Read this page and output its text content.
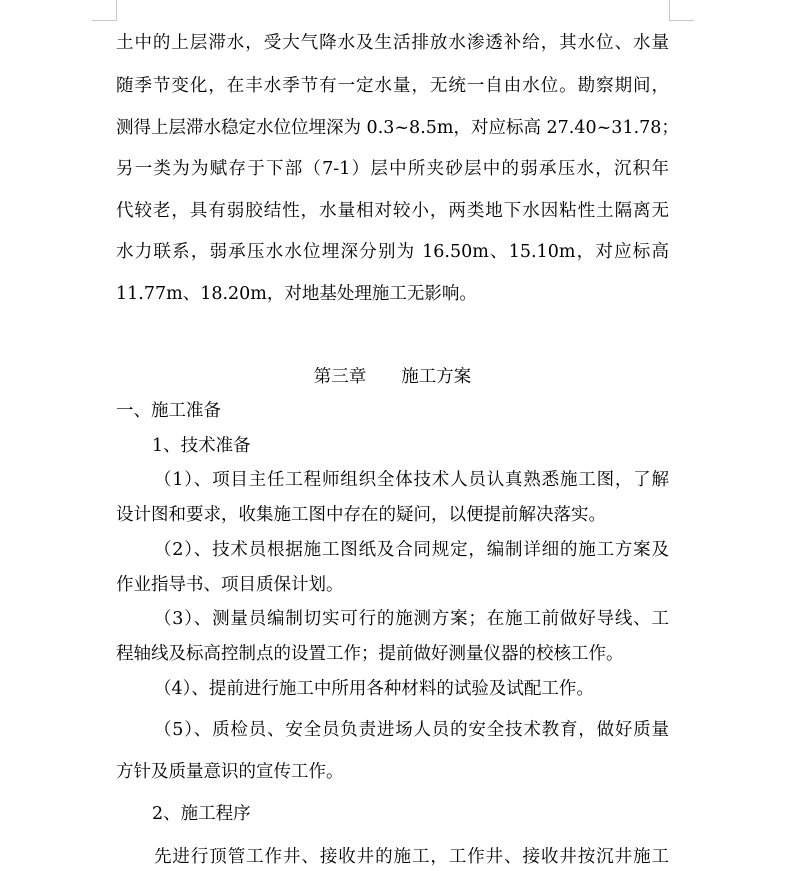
土中的上层滞水，受大气降水及生活排放水渗透补给，其水位、水量
随季节变化，在丰水季节有一定水量，无统一自由水位。勘察期间，
测得上层滞水稳定水位位埋深为 0.3~8.5m，对应标高 27.40~31.78；
另一类为为赋存于下部（7-1）层中所夹砂层中的弱承压水，沉积年
代较老，具有弱胶结性，水量相对较小，两类地下水因粘性土隔离无
水力联系，弱承压水水位埋深分别为 16.50m、15.10m，对应标高
11.77m、18.20m，对地基处理施工无影响。
第三章　　施工方案
一、施工准备
1、技术准备
（1）、项目主任工程师组织全体技术人员认真熟悉施工图，了解
设计图和要求，收集施工图中存在的疑问，以便提前解决落实。
（2）、技术员根据施工图纸及合同规定，编制详细的施工方案及
作业指导书、项目质保计划。
（3）、测量员编制切实可行的施测方案；在施工前做好导线、工
程轴线及标高控制点的设置工作；提前做好测量仪器的校核工作。
（4）、提前进行施工中所用各种材料的试验及试配工作。
（5）、质检员、安全员负责进场人员的安全技术教育，做好质量
方针及质量意识的宣传工作。
2、施工程序
先进行顶管工作井、接收井的施工，工作井、接收井按沉井施工
